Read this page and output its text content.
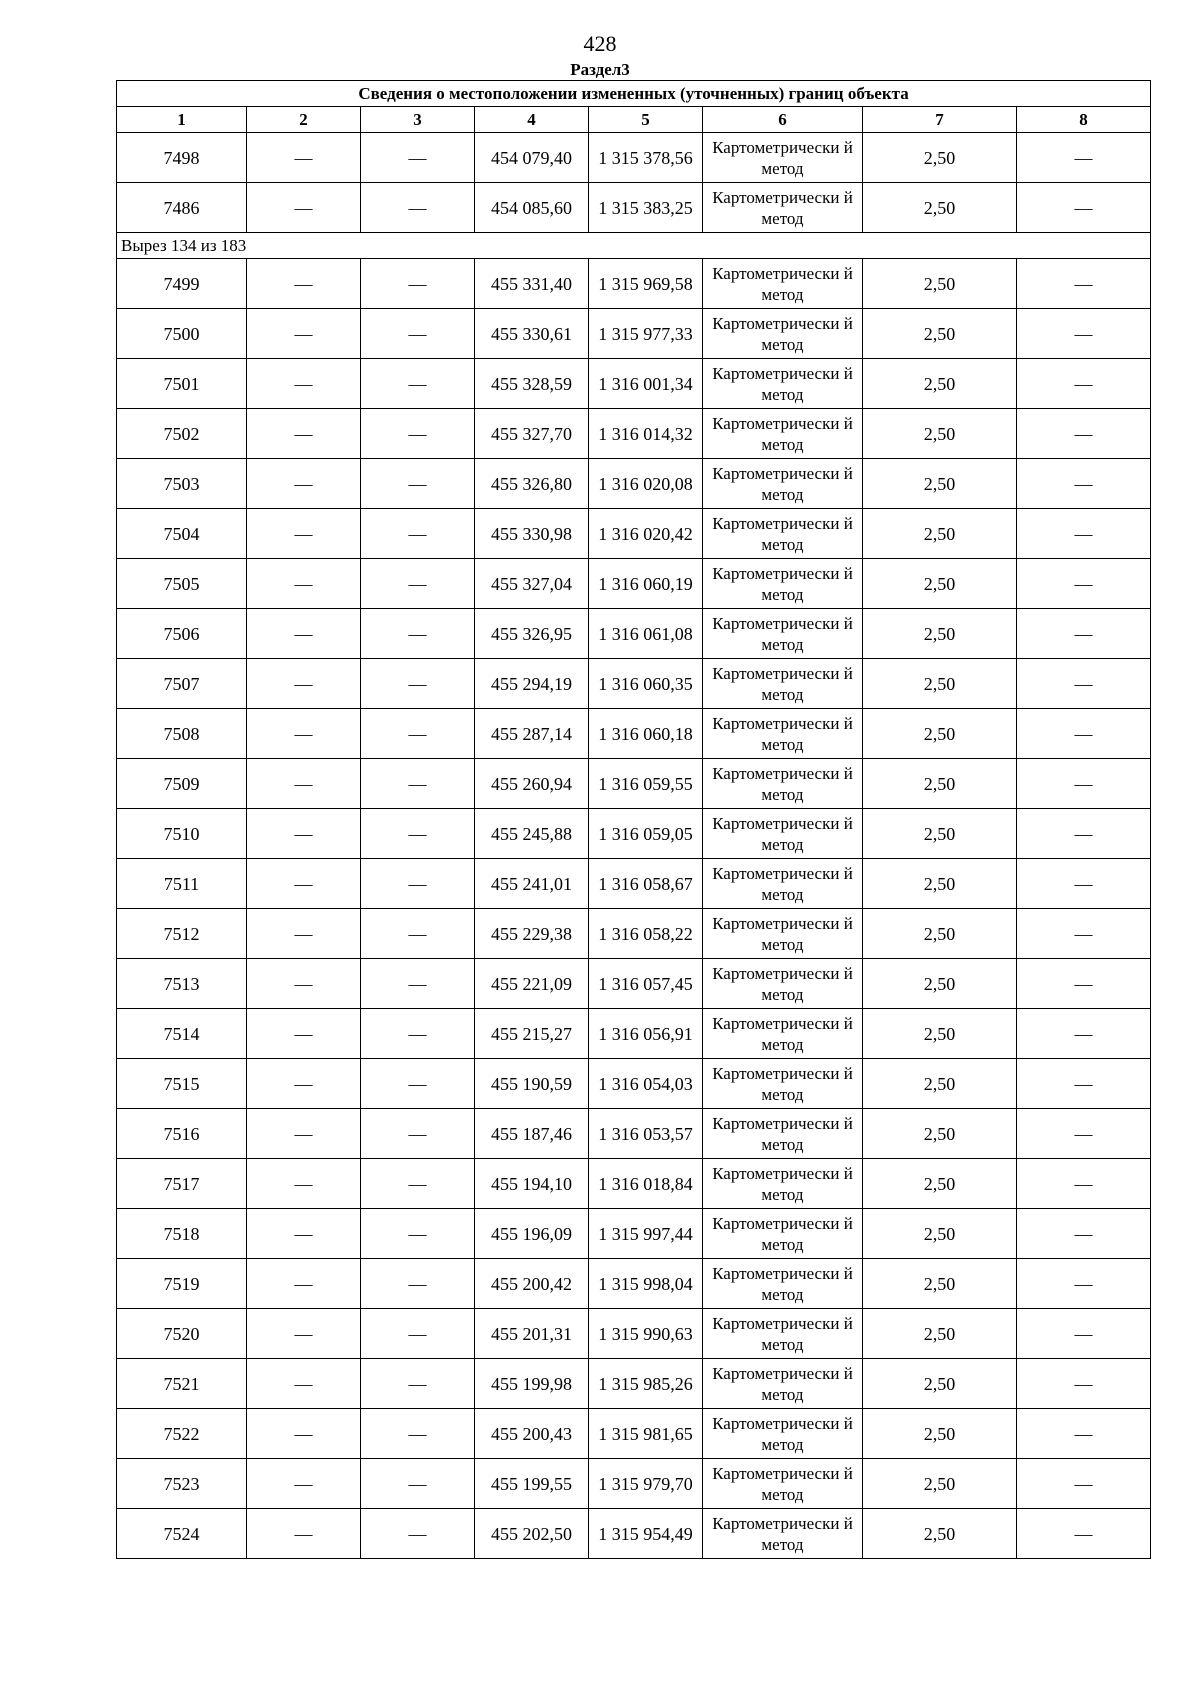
428
Раздел3
Сведения о местоположении измененных (уточненных) границ объекта							
1	2	3	4	5	6	7	8
7498	—	—	454 079,40	1 315 378,56	Картометрически й метод	2,50	—
7486	—	—	454 085,60	1 315 383,25	Картометрически й метод	2,50	—
Вырез 134 из 183							
7499	—	—	455 331,40	1 315 969,58	Картометрически й метод	2,50	—
7500	—	—	455 330,61	1 315 977,33	Картометрически й метод	2,50	—
7501	—	—	455 328,59	1 316 001,34	Картометрически й метод	2,50	—
7502	—	—	455 327,70	1 316 014,32	Картометрически й метод	2,50	—
7503	—	—	455 326,80	1 316 020,08	Картометрически й метод	2,50	—
7504	—	—	455 330,98	1 316 020,42	Картометрически й метод	2,50	—
7505	—	—	455 327,04	1 316 060,19	Картометрически й метод	2,50	—
7506	—	—	455 326,95	1 316 061,08	Картометрически й метод	2,50	—
7507	—	—	455 294,19	1 316 060,35	Картометрически й метод	2,50	—
7508	—	—	455 287,14	1 316 060,18	Картометрически й метод	2,50	—
7509	—	—	455 260,94	1 316 059,55	Картометрически й метод	2,50	—
7510	—	—	455 245,88	1 316 059,05	Картометрически й метод	2,50	—
7511	—	—	455 241,01	1 316 058,67	Картометрически й метод	2,50	—
7512	—	—	455 229,38	1 316 058,22	Картометрически й метод	2,50	—
7513	—	—	455 221,09	1 316 057,45	Картометрически й метод	2,50	—
7514	—	—	455 215,27	1 316 056,91	Картометрически й метод	2,50	—
7515	—	—	455 190,59	1 316 054,03	Картометрически й метод	2,50	—
7516	—	—	455 187,46	1 316 053,57	Картометрически й метод	2,50	—
7517	—	—	455 194,10	1 316 018,84	Картометрически й метод	2,50	—
7518	—	—	455 196,09	1 315 997,44	Картометрически й метод	2,50	—
7519	—	—	455 200,42	1 315 998,04	Картометрически й метод	2,50	—
7520	—	—	455 201,31	1 315 990,63	Картометрически й метод	2,50	—
7521	—	—	455 199,98	1 315 985,26	Картометрически й метод	2,50	—
7522	—	—	455 200,43	1 315 981,65	Картометрически й метод	2,50	—
7523	—	—	455 199,55	1 315 979,70	Картометрически й метод	2,50	—
7524	—	—	455 202,50	1 315 954,49	Картометрически й метод	2,50	—
